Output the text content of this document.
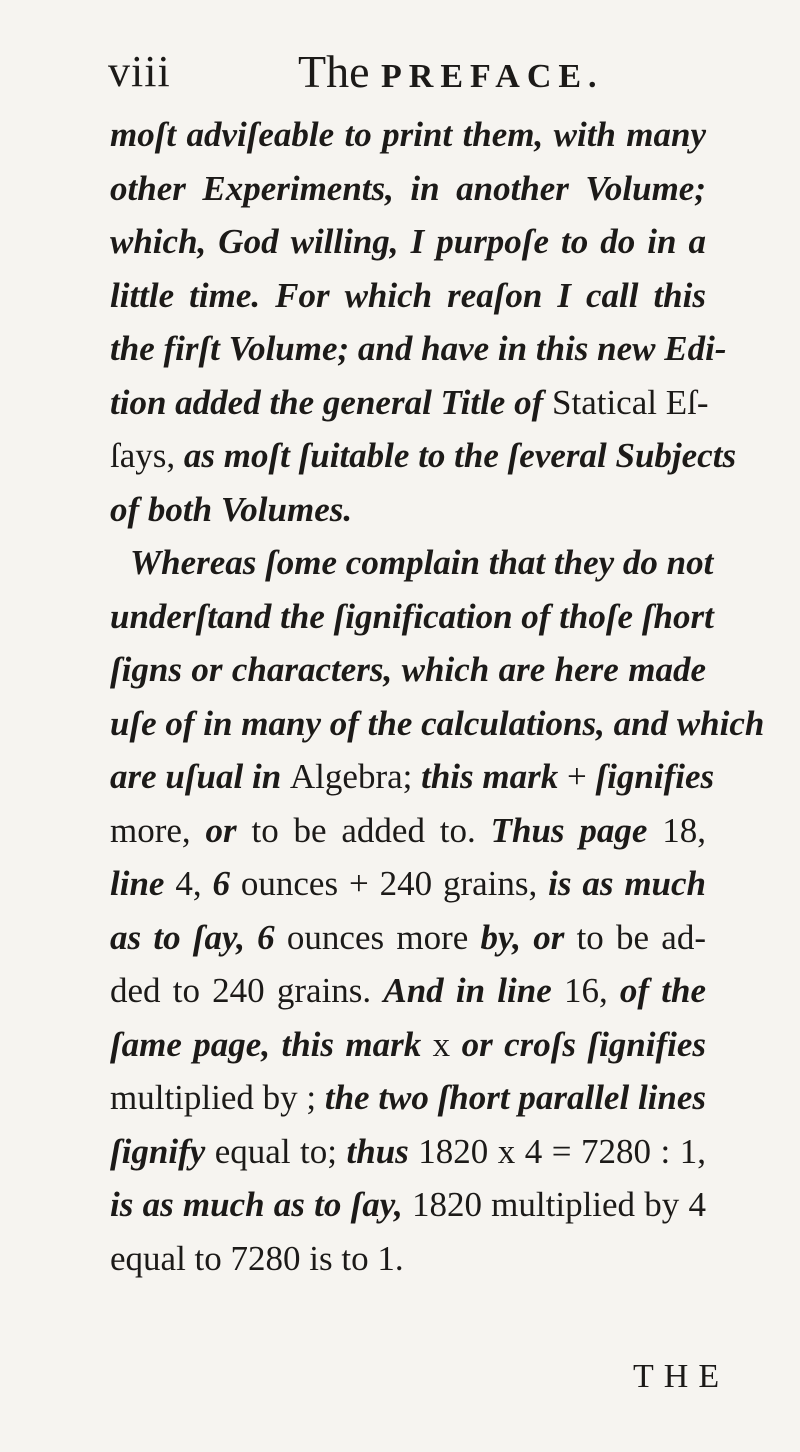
viii	The PREFACE.
moſt adviſeable to print them, with many
other Experiments, in another Volume;
which, God willing, I purpoſe to do in a
little time. For which reaſon I call this
the firſt Volume; and have in this new Edi-
tion added the general Title of Statical Eſ-
ſays, as moſt ſuitable to the ſeveral Subjects
of both Volumes.
Whereas ſome complain that they do not
underſtand the ſignification of thoſe ſhort
ſigns or characters, which are here made
uſe of in many of the calculations, and which
are uſual in Algebra; this mark + ſignifies
more, or to be added to. Thus page 18,
line 4, 6 ounces + 240 grains, is as much
as to ſay, 6 ounces more by, or to be ad-
ded to 240 grains. And in line 16, of the
ſame page, this mark x or croſs ſignifies
multiplied by ; the two ſhort parallel lines
ſignify equal to; thus 1820 x 4 = 7280 : 1,
is as much as to ſay, 1820 multiplied by 4
equal to 7280 is to 1.
THE
